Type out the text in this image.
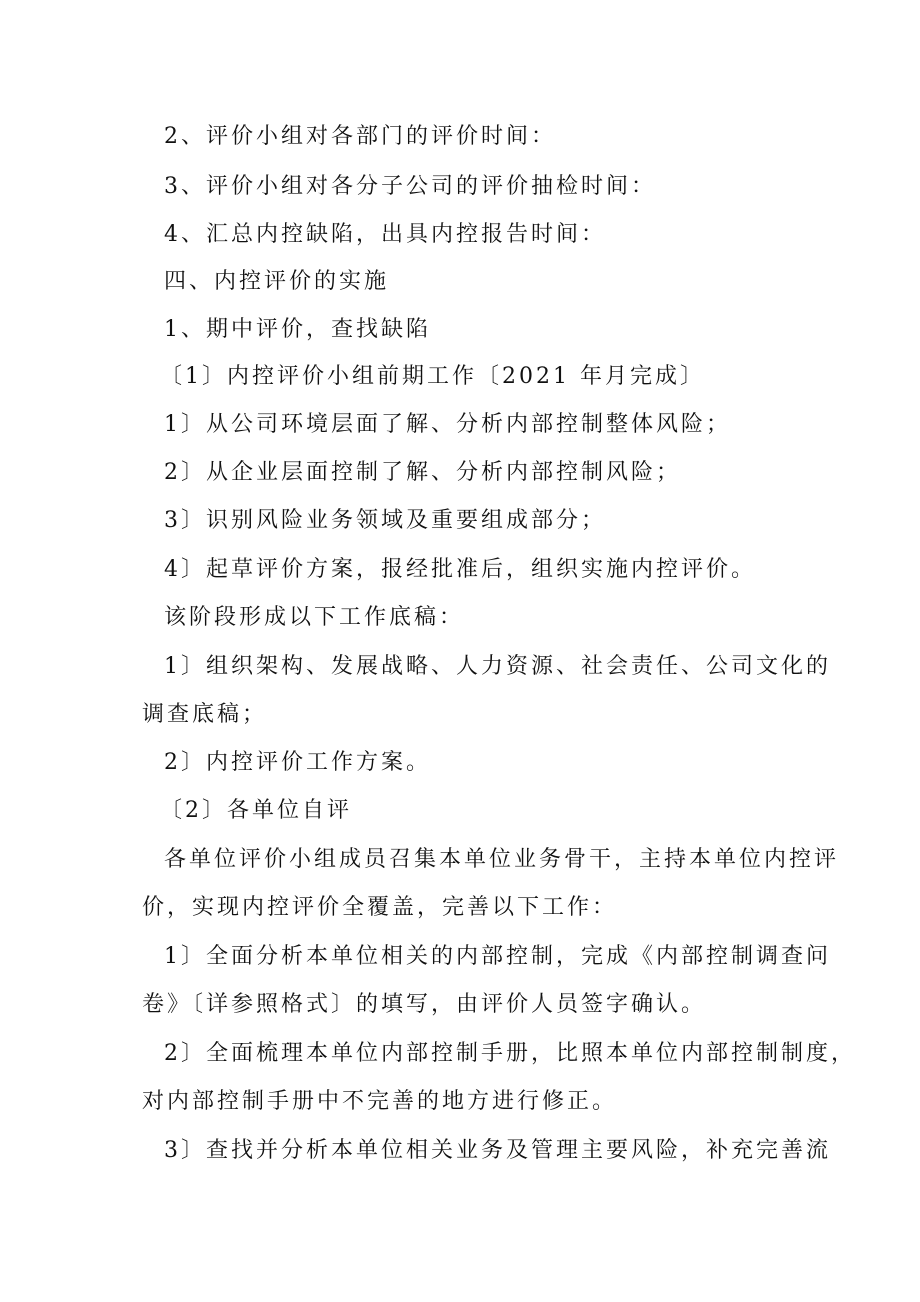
2、评价小组对各部门的评价时间：
3、评价小组对各分子公司的评价抽检时间：
4、汇总内控缺陷，出具内控报告时间：
四、内控评价的实施
1、期中评价，查找缺陷
〔1〕内控评价小组前期工作〔2021 年月完成〕
1〕从公司环境层面了解、分析内部控制整体风险；
2〕从企业层面控制了解、分析内部控制风险；
3〕识别风险业务领域及重要组成部分；
4〕起草评价方案，报经批准后，组织实施内控评价。
该阶段形成以下工作底稿：
1〕组织架构、发展战略、人力资源、社会责任、公司文化的
调查底稿；
2〕内控评价工作方案。
〔2〕各单位自评
各单位评价小组成员召集本单位业务骨干，主持本单位内控评
价，实现内控评价全覆盖，完善以下工作：
1〕全面分析本单位相关的内部控制，完成《内部控制调查问
卷》〔详参照格式〕的填写，由评价人员签字确认。
2〕全面梳理本单位内部控制手册，比照本单位内部控制制度，
对内部控制手册中不完善的地方进行修正。
3〕查找并分析本单位相关业务及管理主要风险，补充完善流
